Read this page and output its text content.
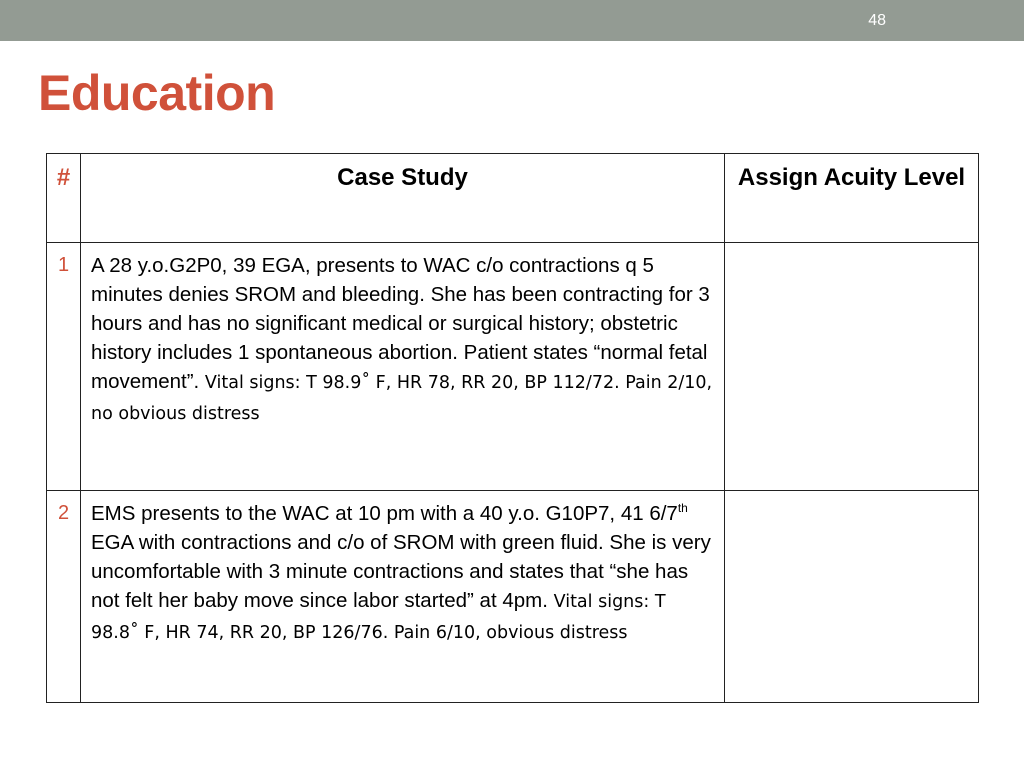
48
Education
#	Case Study	Assign Acuity Level
1	A 28 y.o.G2P0, 39 EGA, presents to WAC c/o contractions q 5 minutes denies SROM and bleeding. She has been contracting for 3 hours and has no significant medical or surgical history; obstetric history includes 1 spontaneous abortion. Patient states “normal fetal movement”. Vital signs: T 98.9˚ F, HR 78, RR 20, BP 112/72. Pain 2/10, no obvious distress	
2	EMS presents to the WAC at 10 pm with a 40 y.o. G10P7, 41 6/7th EGA with contractions and c/o of SROM with green fluid. She is very uncomfortable with 3 minute contractions and states that “she has not felt her baby move since labor started” at 4pm. Vital signs: T 98.8˚ F, HR 74, RR 20, BP 126/76. Pain 6/10, obvious distress	
